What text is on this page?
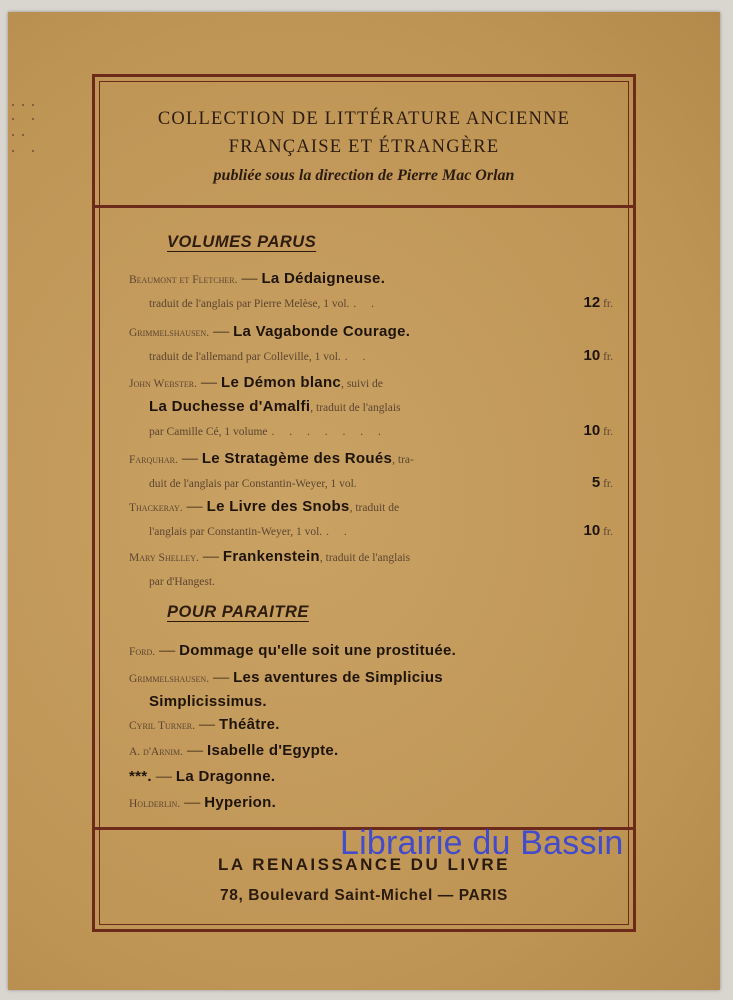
COLLECTION DE LITTÉRATURE ANCIENNE
FRANÇAISE ET ÉTRANGÈRE
publiée sous la direction de Pierre Mac Orlan
VOLUMES PARUS
Beaumont et Fletcher. — La Dédaigneuse.
traduit de l'anglais par Pierre Melèse, 1 vol. . .	12 fr.
Grimmelshausen. — La Vagabonde Courage.
traduit de l'allemand par Colleville, 1 vol. . .	10 fr.
John Webster. — Le Démon blanc, suivi de
La Duchesse d'Amalfi, traduit de l'anglais
par Camille Cé, 1 volume . . . . . . .	10 fr.
Farquhar. — Le Stratagème des Roués, tra-
duit de l'anglais par Constantin-Weyer, 1 vol.	5 fr.
Thackeray. — Le Livre des Snobs, traduit de
l'anglais par Constantin-Weyer, 1 vol. . .	10 fr.
Mary Shelley. — Frankenstein, traduit de l'anglais
par d'Hangest.
POUR PARAITRE
Ford. — Dommage qu'elle soit une prostituée.
Grimmelshausen. — Les aventures de Simplicius
Simplicissimus.
Cyril Turner. — Théâtre.
A. d'Arnim. — Isabelle d'Egypte.
***. — La Dragonne.
Holderlin. — Hyperion.
LA RENAISSANCE DU LIVRE
78, Boulevard Saint-Michel — PARIS
Librairie du Bassin
